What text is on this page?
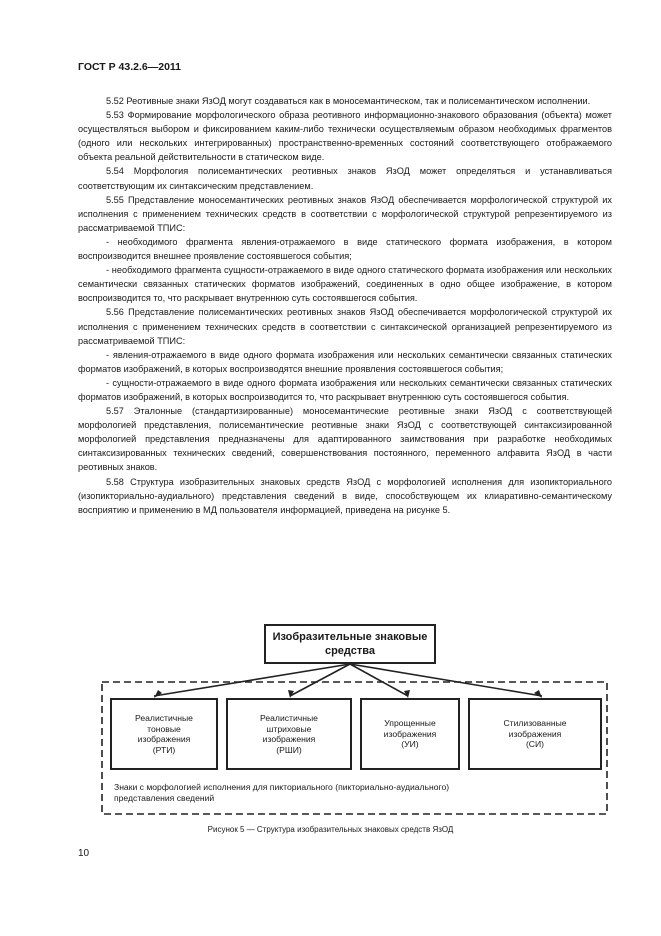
ГОСТ Р 43.2.6—2011

5.52 Реотивные знаки ЯзОД могут создаваться как в моносемантическом, так и полисемантическом исполнении.

5.53 Формирование морфологического образа реотивного информационно-знакового образования (объекта) может осуществляться выбором и фиксированием каким-либо технически осуществляемым образом необходимых фрагментов (одного или нескольких интегрированных) пространственно-временных состояний соответствующего отображаемого объекта реальной действительности в статическом виде.

5.54 Морфология полисемантических реотивных знаков ЯзОД может определяться и устанавливаться соответствующим их синтаксическим представлением.

5.55 Представление моносемантических реотивных знаков ЯзОД обеспечивается морфологической структурой их исполнения с применением технических средств в соответствии с морфологической структурой репрезентируемого из рассматриваемой ТПИС:

- необходимого фрагмента явления-отражаемого в виде статического формата изображения, в котором воспроизводится внешнее проявление состоявшегося события;

- необходимого фрагмента сущности-отражаемого в виде одного статического формата изображения или нескольких семантически связанных статических форматов изображений, соединенных в одно общее изображение, в котором воспроизводится то, что раскрывает внутреннюю суть состоявшегося события.

5.56 Представление полисемантических реотивных знаков ЯзОД обеспечивается морфологической структурой их исполнения с применением технических средств в соответствии с синтаксической организацией репрезентируемого из рассматриваемой ТПИС:

- явления-отражаемого в виде одного формата изображения или нескольких семантически связанных статических форматов изображений, в которых воспроизводятся внешние проявления состоявшегося события;

- сущности-отражаемого в виде одного формата изображения или нескольких семантически связанных статических форматов изображений, в которых воспроизводится то, что раскрывает внутреннюю суть состоявшегося события.

5.57 Эталонные (стандартизированные) моносемантические реотивные знаки ЯзОД с соответствующей морфологией представления, полисемантические реотивные знаки ЯзОД с соответствующей синтаксизированной морфологией представления предназначены для адаптированного заимствования при разработке необходимых синтаксизированных технических сведений, совершенствования постоянного, переменного алфавита ЯзОД в части реотивных знаков.

5.58 Структура изобразительных знаковых средств ЯзОД с морфологией исполнения для изопикториального (изопикториально-аудиального) представления сведений в виде, способствующем их клиаративно-семантическому восприятию и применению в МД пользователя информацией, приведена на рисунке 5.

Изобразительные знаковые средства
Реалистичные
тоновые
изображения
(РТИ)
Реалистичные
штриховые
изображения
(РШИ)
Упрощенные
изображения
(УИ)
Стилизованные
изображения
(СИ)
Знаки с морфологией исполнения для пикториального (пикториально-аудиального) представления сведений
Рисунок 5 — Структура изобразительных знаковых средств ЯзОД
10
